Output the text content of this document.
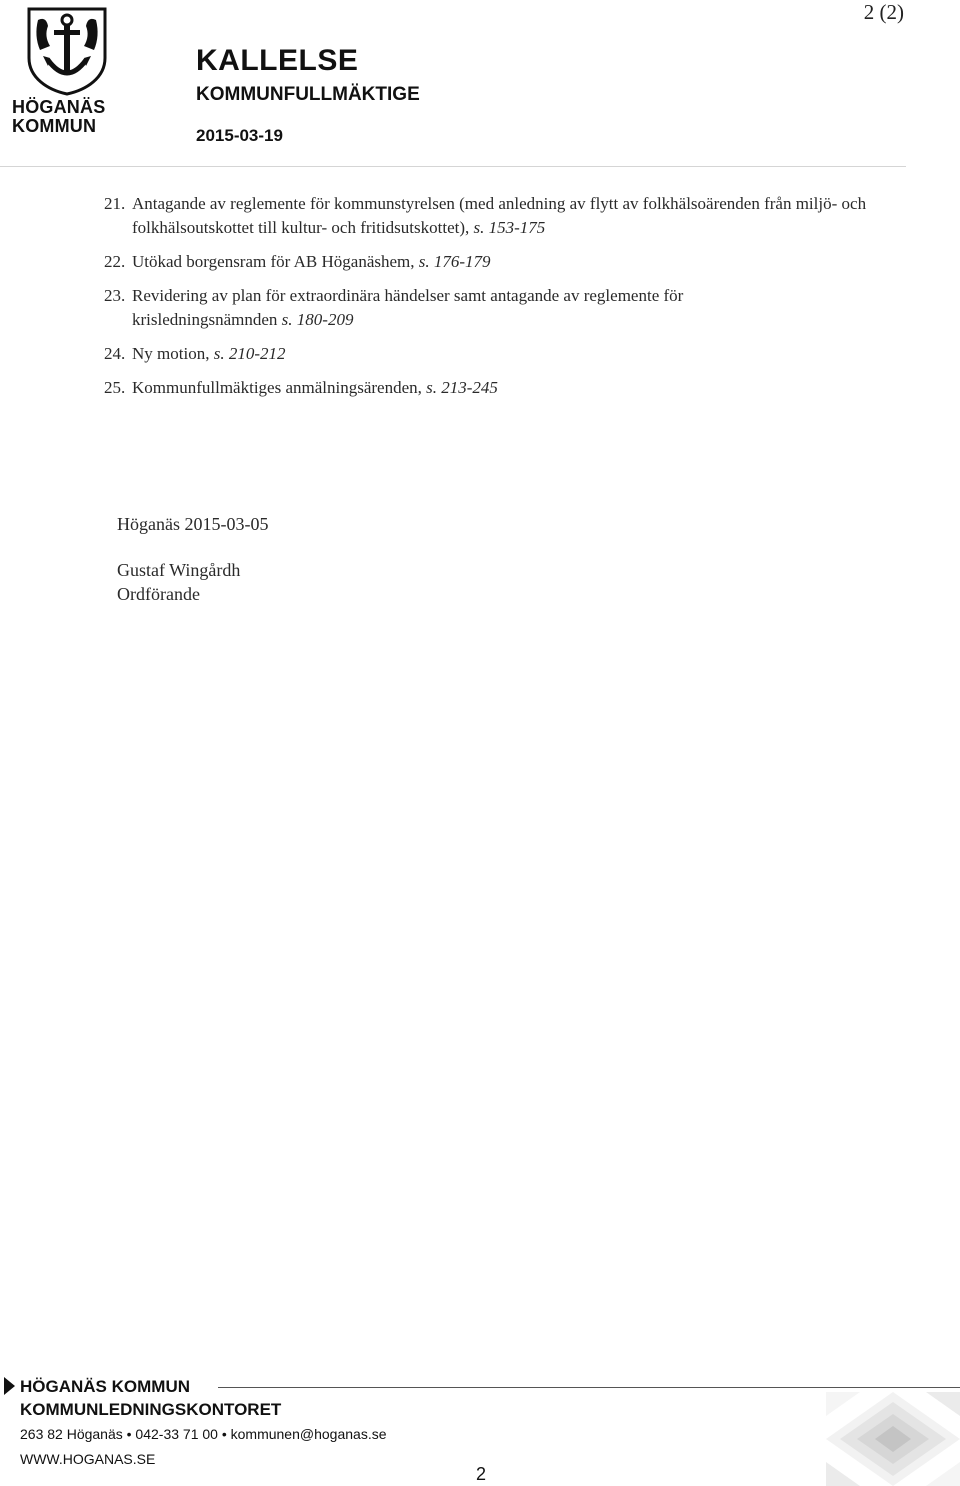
2 (2)
HÖGANÄS
KOMMUN
KALLELSE
KOMMUNFULLMÄKTIGE
2015-03-19
21. Antagande av reglemente för kommunstyrelsen (med anledning av flytt av folkhälsoärenden från miljö- och folkhälsoutskottet till kultur- och fritidsutskottet), s. 153-175
22. Utökad borgensram för AB Höganäshem, s. 176-179
23. Revidering av plan för extraordinära händelser samt antagande av reglemente för krisledningsnämnden s. 180-209
24. Ny motion, s. 210-212
25. Kommunfullmäktiges anmälningsärenden, s. 213-245
Höganäs 2015-03-05
Gustaf Wingårdh
Ordförande
HÖGANÄS KOMMUN
KOMMUNLEDNINGSKONTORET
263 82 Höganäs • 042-33 71 00 • kommunen@hoganas.se
WWW.HOGANAS.SE
2
